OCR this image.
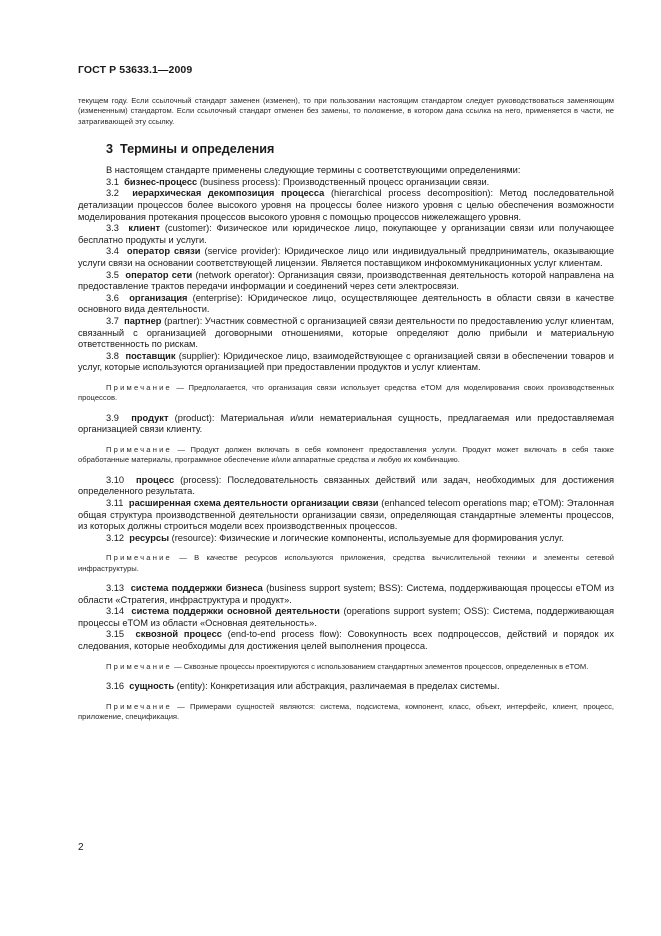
ГОСТ Р 53633.1—2009

текущем году. Если ссылочный стандарт заменен (изменен), то при пользовании настоящим стандартом следует руководствоваться заменяющим (измененным) стандартом. Если ссылочный стандарт отменен без замены, то положение, в котором дана ссылка на него, применяется в части, не затрагивающей эту ссылку.

3 Термины и определения

В настоящем стандарте применены следующие термины с соответствующими определениями:

3.1 бизнес-процесс (business process): Производственный процесс организации связи.

3.2 иерархическая декомпозиция процесса (hierarchical process decomposition): Метод последовательной детализации процессов более высокого уровня на процессы более низкого уровня с целью обеспечения возможности моделирования протекания процессов высокого уровня с помощью процессов нижележащего уровня.

3.3 клиент (customer): Физическое или юридическое лицо, покупающее у организации связи или получающее бесплатно продукты и услуги.

3.4 оператор связи (service provider): Юридическое лицо или индивидуальный предприниматель, оказывающие услуги связи на основании соответствующей лицензии. Является поставщиком инфокоммуникационных услуг клиентам.

3.5 оператор сети (network operator): Организация связи, производственная деятельность которой направлена на предоставление трактов передачи информации и соединений через сети электросвязи.

3.6 организация (enterprise): Юридическое лицо, осуществляющее деятельность в области связи в качестве основного вида деятельности.

3.7 партнер (partner): Участник совместной с организацией связи деятельности по предоставлению услуг клиентам, связанный с организацией договорными отношениями, которые определяют долю прибыли и материальную ответственность по рискам.

3.8 поставщик (supplier): Юридическое лицо, взаимодействующее с организацией связи в обеспечении товаров и услуг, которые используются организацией при предоставлении продуктов и услуг клиентам.

Примечание — Предполагается, что организация связи использует средства eTOM для моделирования своих производственных процессов.

3.9 продукт (product): Материальная и/или нематериальная сущность, предлагаемая или предоставляемая организацией связи клиенту.

Примечание — Продукт должен включать в себя компонент предоставления услуги. Продукт может включать в себя также обработанные материалы, программное обеспечение и/или аппаратные средства и любую их комбинацию.

3.10 процесс (process): Последовательность связанных действий или задач, необходимых для достижения определенного результата.

3.11 расширенная схема деятельности организации связи (enhanced telecom operations map; eTOM): Эталонная общая структура производственной деятельности организации связи, определяющая стандартные элементы процессов, из которых должны строиться модели всех производственных процессов.

3.12 ресурсы (resource): Физические и логические компоненты, используемые для формирования услуг.

Примечание — В качестве ресурсов используются приложения, средства вычислительной техники и элементы сетевой инфраструктуры.

3.13 система поддержки бизнеса (business support system; BSS): Система, поддерживающая процессы eTOM из области «Стратегия, инфраструктура и продукт».

3.14 система поддержки основной деятельности (operations support system; OSS): Система, поддерживающая процессы eTOM из области «Основная деятельность».

3.15 сквозной процесс (end-to-end process flow): Совокупность всех подпроцессов, действий и порядок их следования, которые необходимы для достижения целей выполнения процесса.

Примечание — Сквозные процессы проектируются с использованием стандартных элементов процессов, определенных в eTOM.

3.16 сущность (entity): Конкретизация или абстракция, различаемая в пределах системы.

Примечание — Примерами сущностей являются: система, подсистема, компонент, класс, объект, интерфейс, клиент, процесс, приложение, спецификация.

2
